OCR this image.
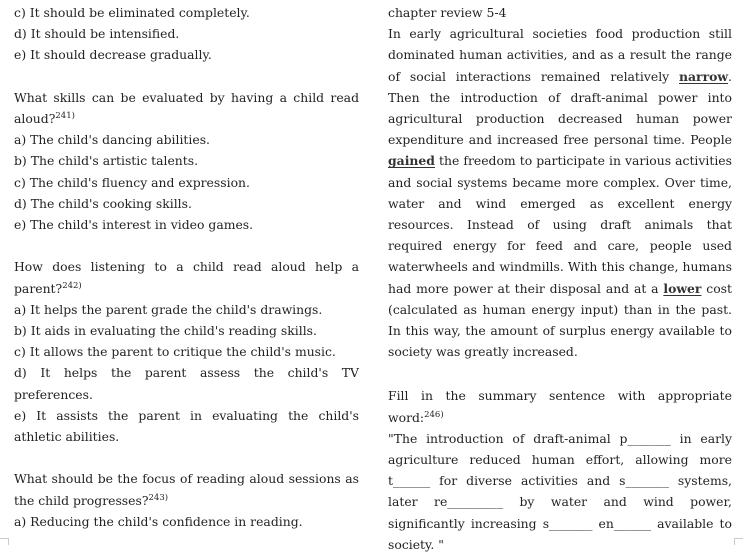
c) It should be eliminated completely.

d) It should be intensified.

e) It should decrease gradually.

What skills can be evaluated by having a child read aloud?$^{241)}$

a) The child's dancing abilities.

b) The child's artistic talents.

c) The child's fluency and expression.

d) The child's cooking skills.

e) The child's interest in video games.

How does listening to a child read aloud help a parent?$^{242)}$

a) It helps the parent grade the child's drawings.

b) It aids in evaluating the child's reading skills.

c) It allows the parent to critique the child's music.

d) It helps the parent assess the child's TV preferences.

e) It assists the parent in evaluating the child's athletic abilities.

What should be the focus of reading aloud sessions as the child progresses?$^{243)}$

a) Reducing the child's confidence in reading.

chapter review 5-4

In early agricultural societies food production still dominated human activities, and as a result the range of social interactions remained relatively narrow. Then the introduction of draft-animal power into agricultural production decreased human power expenditure and increased free personal time. People gained the freedom to participate in various activities and social systems became more complex. Over time, water and wind emerged as excellent energy resources. Instead of using draft animals that required energy for feed and care, people used waterwheels and windmills. With this change, humans had more power at their disposal and at a lower cost (calculated as human energy input) than in the past. In this way, the amount of surplus energy available to society was greatly increased.

Fill in the summary sentence with appropriate word:$^{246)}$

"The introduction of draft-animal p_______ in early agriculture reduced human effort, allowing more t______ for diverse activities and s_______ systems, later re_________ by water and wind power, significantly increasing s_______ en______ available to society. "
